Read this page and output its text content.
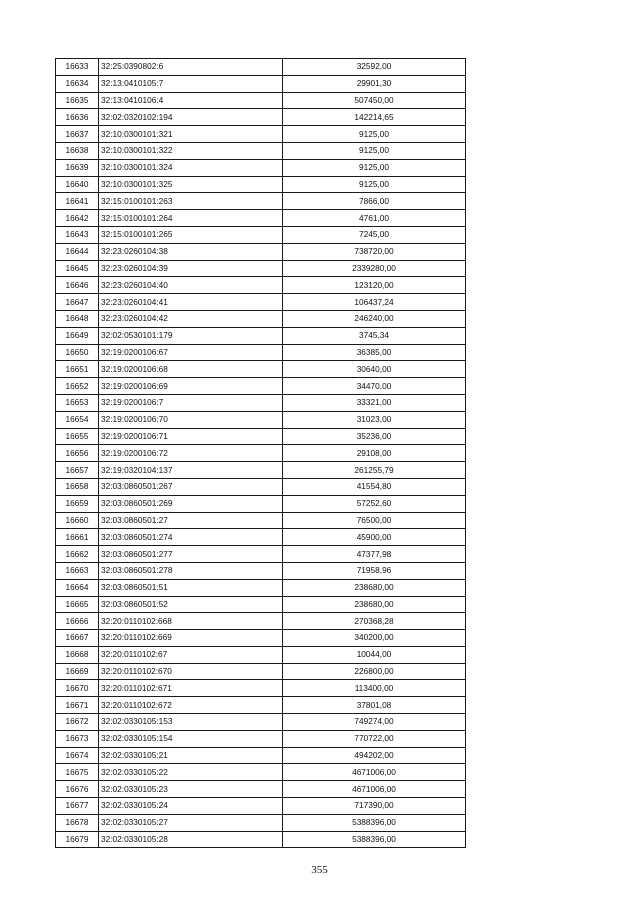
16633	32:25:0390802:6	32592,00
16634	32:13:0410105:7	29901,30
16635	32:13:0410106:4	507450,00
16636	32:02:0320102:194	142214,65
16637	32:10:0300101:321	9125,00
16638	32:10:0300101:322	9125,00
16639	32:10:0300101:324	9125,00
16640	32:10:0300101:325	9125,00
16641	32:15:0100101:263	7866,00
16642	32:15:0100101:264	4761,00
16643	32:15:0100101:265	7245,00
16644	32:23:0260104:38	738720,00
16645	32:23:0260104:39	2339280,00
16646	32:23:0260104:40	123120,00
16647	32:23:0260104:41	106437,24
16648	32:23:0260104:42	246240,00
16649	32:02:0530101:179	3745,34
16650	32:19:0200106:67	36385,00
16651	32:19:0200106:68	30640,00
16652	32:19:0200106:69	34470,00
16653	32:19:0200106:7	33321,00
16654	32:19:0200106:70	31023,00
16655	32:19:0200106:71	35236,00
16656	32:19:0200106:72	29108,00
16657	32:19:0320104:137	261255,79
16658	32:03:0860501:267	41554,80
16659	32:03:0860501:269	57252,60
16660	32:03:0860501:27	76500,00
16661	32:03:0860501:274	45900,00
16662	32:03:0860501:277	47377,98
16663	32:03:0860501:278	71958,96
16664	32:03:0860501:51	238680,00
16665	32:03:0860501:52	238680,00
16666	32:20:0110102:668	270368,28
16667	32:20:0110102:669	340200,00
16668	32:20:0110102:67	10044,00
16669	32:20:0110102:670	226800,00
16670	32:20:0110102:671	113400,00
16671	32:20:0110102:672	37801,08
16672	32:02:0330105:153	749274,00
16673	32:02:0330105:154	770722,00
16674	32:02:0330105:21	494202,00
16675	32:02:0330105:22	4671006,00
16676	32:02:0330105:23	4671006,00
16677	32:02:0330105:24	717390,00
16678	32:02:0330105:27	5388396,00
16679	32:02:0330105:28	5388396,00
355
